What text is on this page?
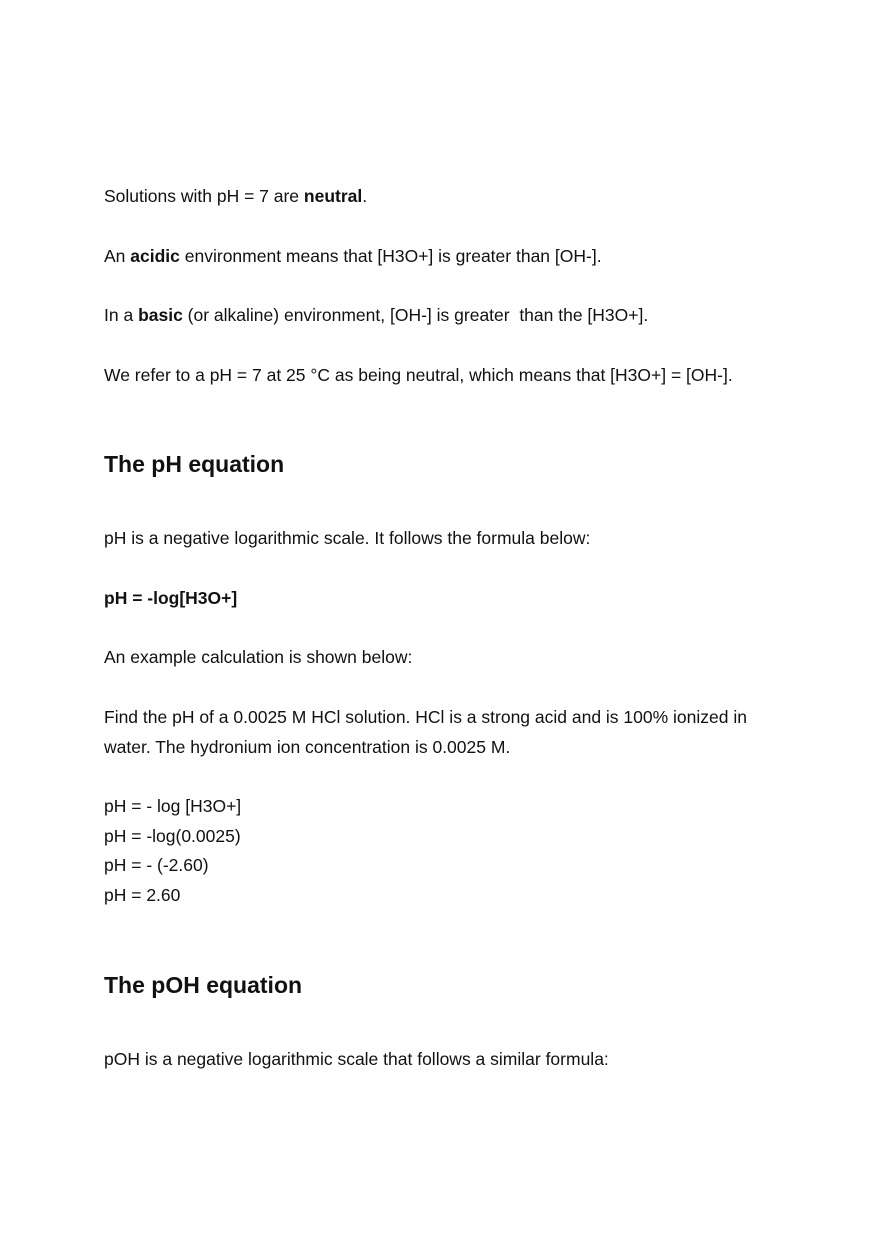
Solutions with pH = 7 are neutral.

An acidic environment means that [H3O+] is greater than [OH-].

In a basic (or alkaline) environment, [OH-] is greater  than the [H3O+].

We refer to a pH = 7 at 25 °C as being neutral, which means that [H3O+] = [OH-].

The pH equation

pH is a negative logarithmic scale. It follows the formula below:

pH = -log[H3O+]

An example calculation is shown below:

Find the pH of a 0.0025 M HCl solution. HCl is a strong acid and is 100% ionized in water. The hydronium ion concentration is 0.0025 M.

pH = - log [H3O+]

pH = -log(0.0025)

pH = - (-2.60)

pH = 2.60

The pOH equation

pOH is a negative logarithmic scale that follows a similar formula:
